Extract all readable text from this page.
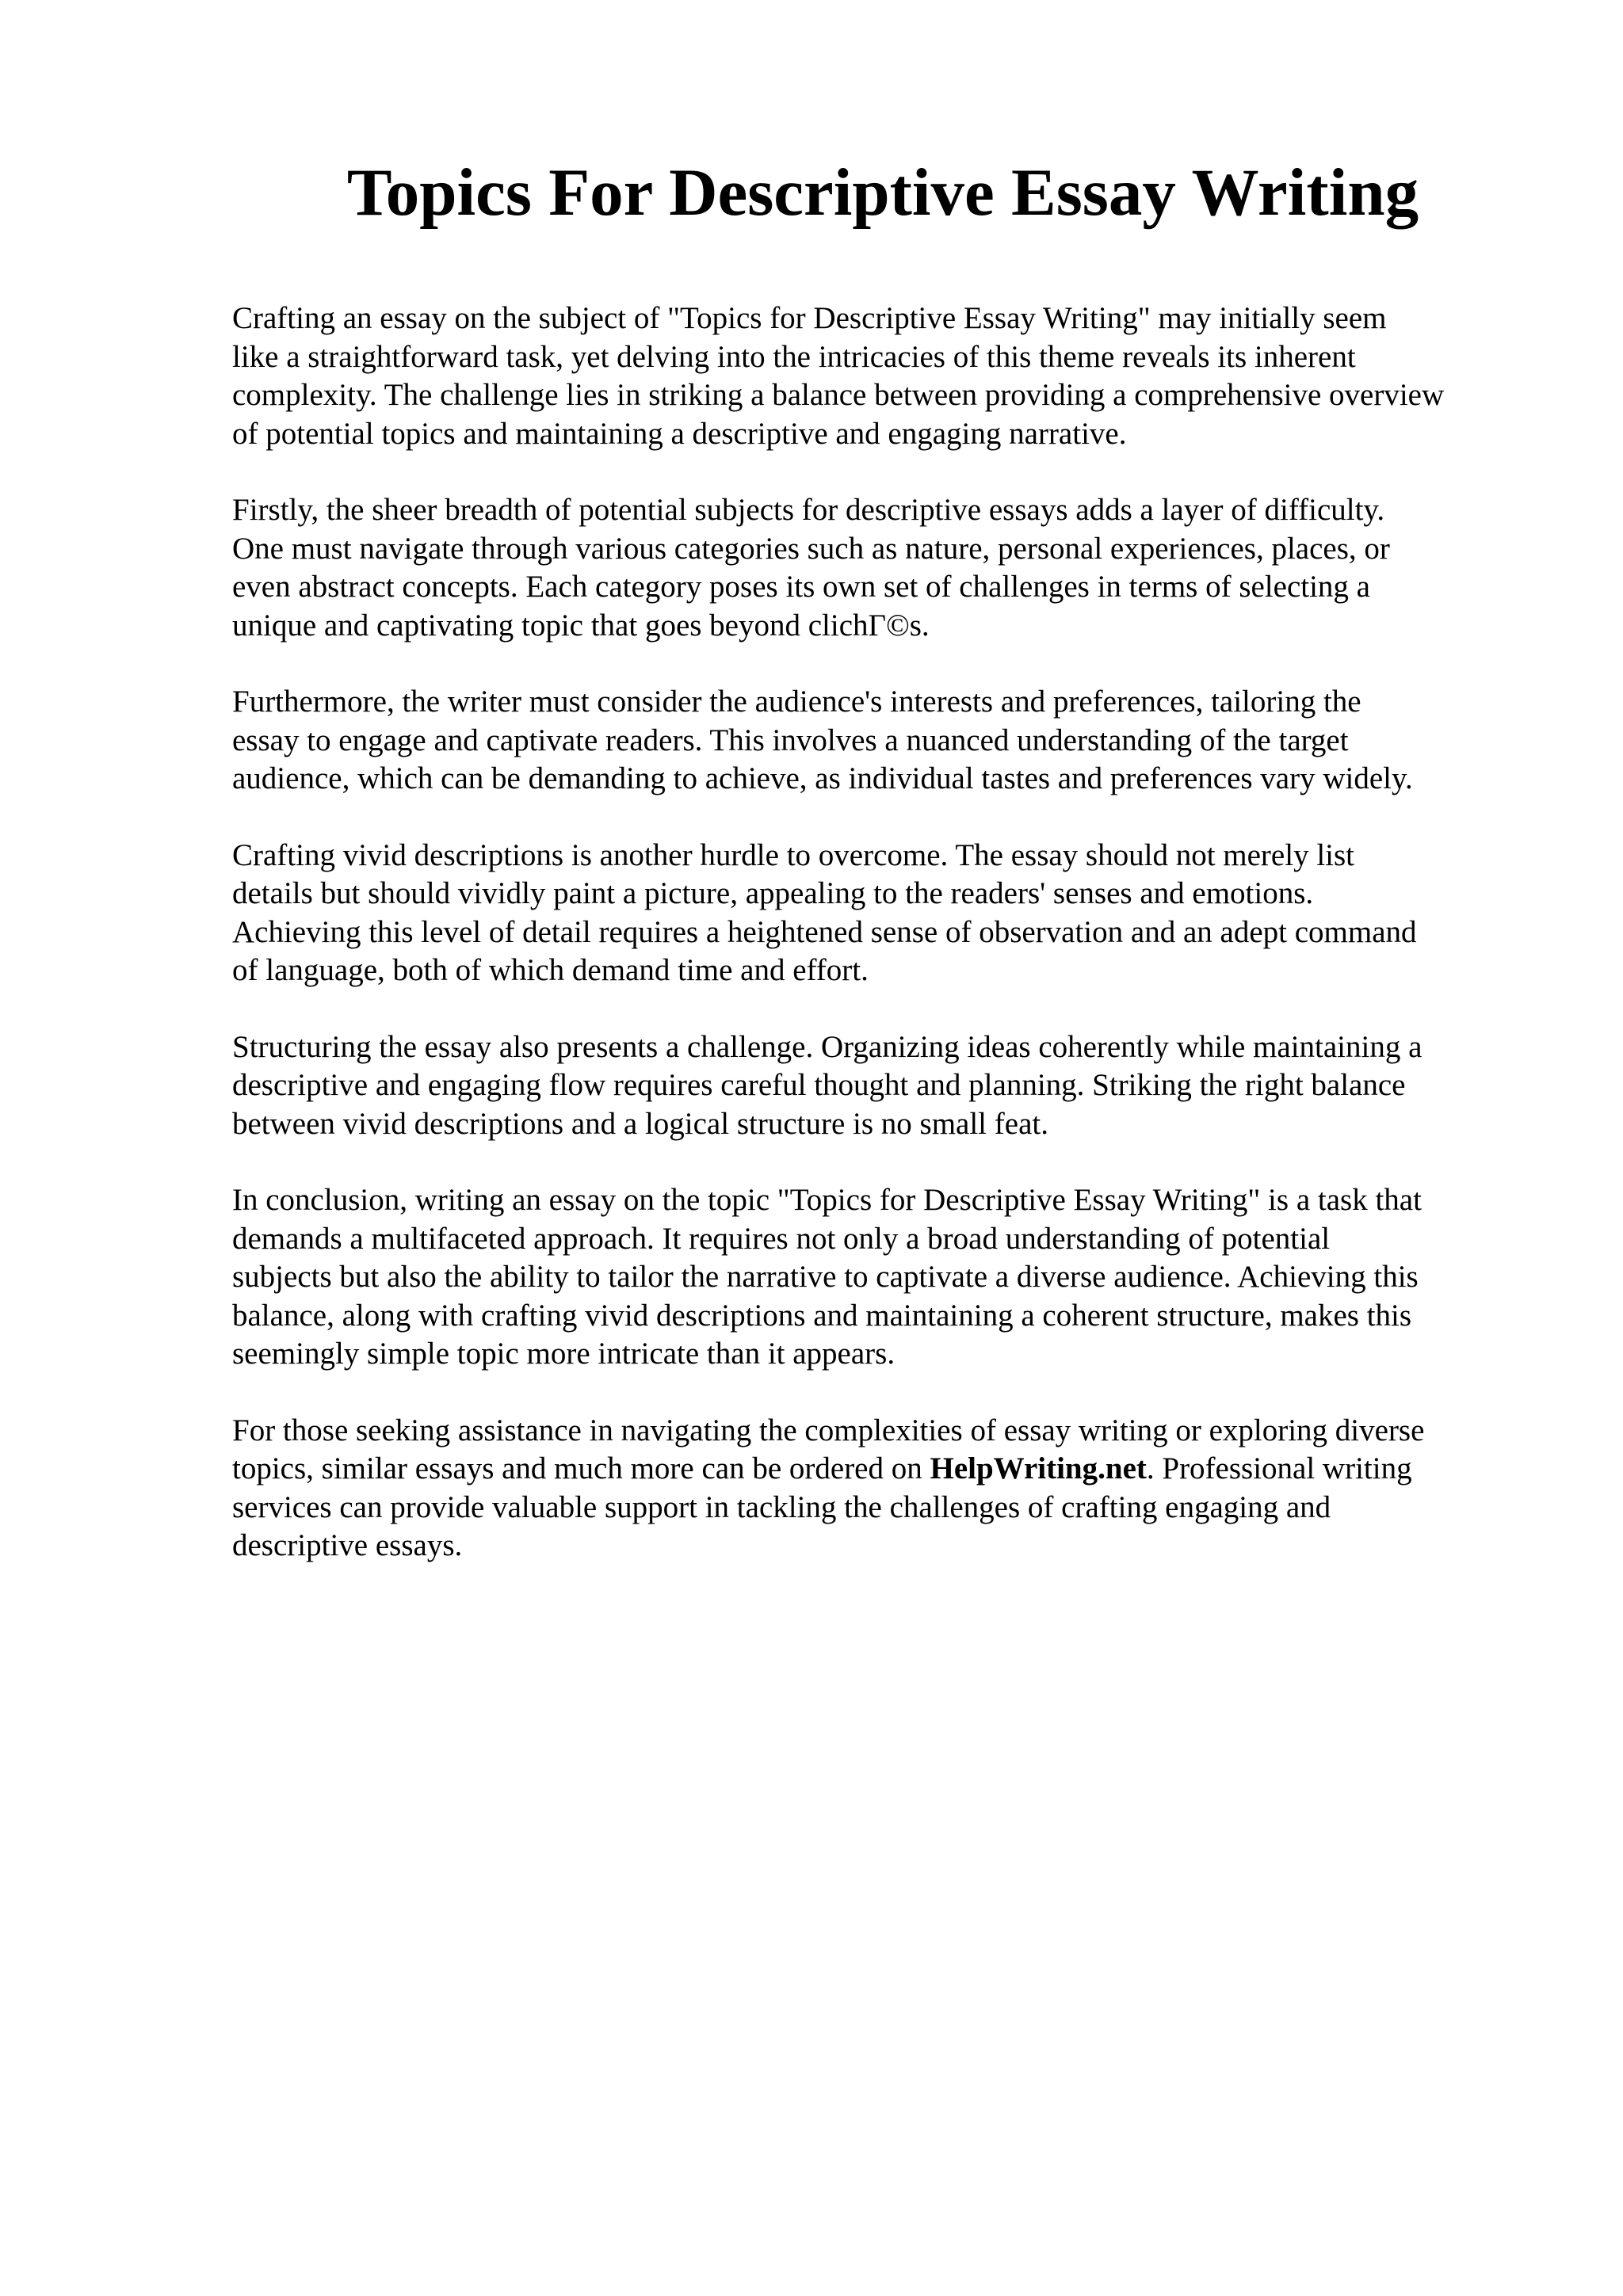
Topics For Descriptive Essay Writing

Crafting an essay on the subject of "Topics for Descriptive Essay Writing" may initially seem
like a straightforward task, yet delving into the intricacies of this theme reveals its inherent
complexity. The challenge lies in striking a balance between providing a comprehensive overview
of potential topics and maintaining a descriptive and engaging narrative.

Firstly, the sheer breadth of potential subjects for descriptive essays adds a layer of difficulty.
One must navigate through various categories such as nature, personal experiences, places, or
even abstract concepts. Each category poses its own set of challenges in terms of selecting a
unique and captivating topic that goes beyond clichГ©s.

Furthermore, the writer must consider the audience's interests and preferences, tailoring the
essay to engage and captivate readers. This involves a nuanced understanding of the target
audience, which can be demanding to achieve, as individual tastes and preferences vary widely.

Crafting vivid descriptions is another hurdle to overcome. The essay should not merely list
details but should vividly paint a picture, appealing to the readers' senses and emotions.
Achieving this level of detail requires a heightened sense of observation and an adept command
of language, both of which demand time and effort.

Structuring the essay also presents a challenge. Organizing ideas coherently while maintaining a
descriptive and engaging flow requires careful thought and planning. Striking the right balance
between vivid descriptions and a logical structure is no small feat.

In conclusion, writing an essay on the topic "Topics for Descriptive Essay Writing" is a task that
demands a multifaceted approach. It requires not only a broad understanding of potential
subjects but also the ability to tailor the narrative to captivate a diverse audience. Achieving this
balance, along with crafting vivid descriptions and maintaining a coherent structure, makes this
seemingly simple topic more intricate than it appears.

For those seeking assistance in navigating the complexities of essay writing or exploring diverse
topics, similar essays and much more can be ordered on HelpWriting.net. Professional writing
services can provide valuable support in tackling the challenges of crafting engaging and
descriptive essays.
